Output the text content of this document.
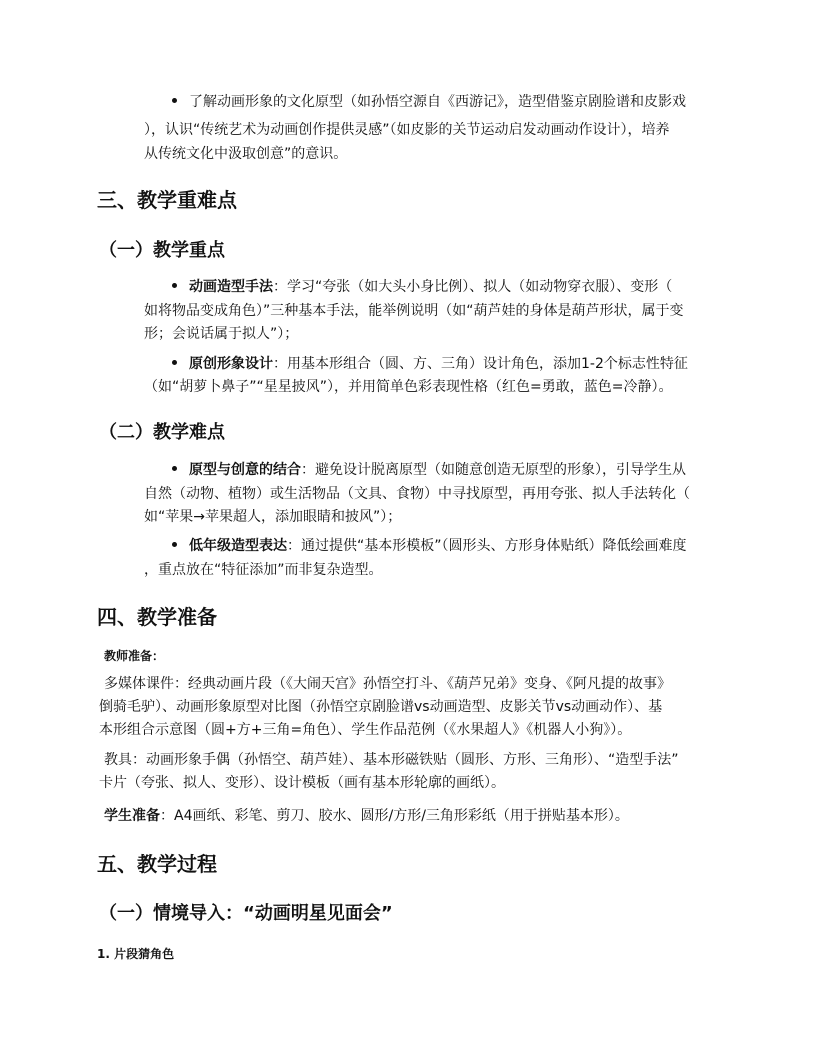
了解动画形象的文化原型（如孙悟空源自《西游记》，造型借鉴京剧脸谱和皮影戏
），认识“传统艺术为动画创作提供灵感”（如皮影的关节运动启发动画动作设计），培养
从传统文化中汲取创意”的意识。
三、教学重难点
（一）教学重点
动画造型手法：学习“夸张（如大头小身比例）、拟人（如动物穿衣服）、变形（
如将物品变成角色）”三种基本手法，能举例说明（如“葫芦娃的身体是葫芦形状，属于变
形；会说话属于拟人”）；
原创形象设计：用基本形组合（圆、方、三角）设计角色，添加1-2个标志性特征
（如“胡萝卜鼻子”“星星披风”），并用简单色彩表现性格（红色=勇敢，蓝色=冷静）。
（二）教学难点
原型与创意的结合：避免设计脱离原型（如随意创造无原型的形象），引导学生从
自然（动物、植物）或生活物品（文具、食物）中寻找原型，再用夸张、拟人手法转化（
如“苹果→苹果超人，添加眼睛和披风”）；
低年级造型表达：通过提供“基本形模板”（圆形头、方形身体贴纸）降低绘画难度
，重点放在“特征添加”而非复杂造型。
四、教学准备
教师准备：
多媒体课件：经典动画片段（《大闹天宫》孙悟空打斗、《葫芦兄弟》变身、《阿凡提的故事》
倒骑毛驴）、动画形象原型对比图（孙悟空京剧脸谱vs动画造型、皮影关节vs动画动作）、基
本形组合示意图（圆+方+三角=角色）、学生作品范例（《水果超人》《机器人小狗》）。
教具：动画形象手偶（孙悟空、葫芦娃）、基本形磁铁贴（圆形、方形、三角形）、“造型手法”
卡片（夸张、拟人、变形）、设计模板（画有基本形轮廓的画纸）。
学生准备：A4画纸、彩笔、剪刀、胶水、圆形/方形/三角形彩纸（用于拼贴基本形）。
五、教学过程
（一）情境导入：“动画明星见面会”
1. 片段猜角色
